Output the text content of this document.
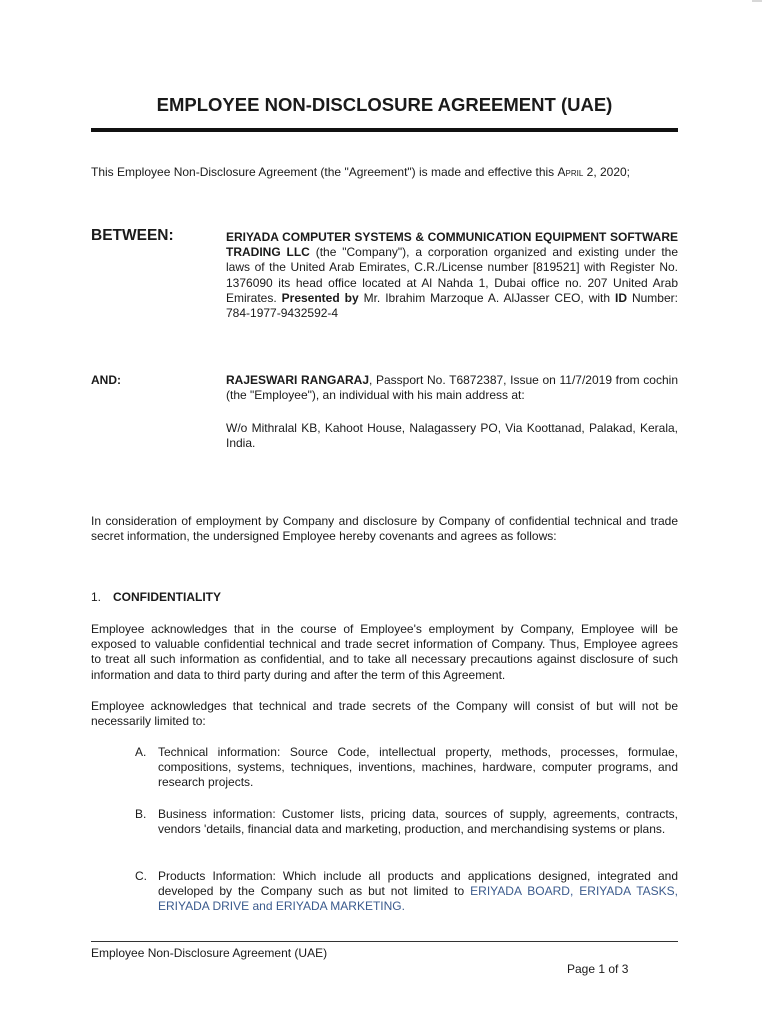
EMPLOYEE NON-DISCLOSURE AGREEMENT (UAE)

This Employee Non-Disclosure Agreement (the "Agreement") is made and effective this April 2, 2020;

BETWEEN:	ERIYADA COMPUTER SYSTEMS & COMMUNICATION EQUIPMENT SOFTWARE TRADING LLC (the "Company"), a corporation organized and existing under the laws of the United Arab Emirates, C.R./License number [819521] with Register No. 1376090 its head office located at Al Nahda 1, Dubai office no. 207 United Arab Emirates. Presented by Mr. Ibrahim Marzoque A. AlJasser CEO, with ID Number: 784-1977-9432592-4

AND:	RAJESWARI RANGARAJ, Passport No. T6872387, Issue on 11/7/2019 from cochin (the "Employee"), an individual with his main address at:

W/o Mithralal KB, Kahoot House, Nalagassery PO, Via Koottanad, Palakad, Kerala, India.

In consideration of employment by Company and disclosure by Company of confidential technical and trade secret information, the undersigned Employee hereby covenants and agrees as follows:

1. CONFIDENTIALITY

Employee acknowledges that in the course of Employee's employment by Company, Employee will be exposed to valuable confidential technical and trade secret information of Company. Thus, Employee agrees to treat all such information as confidential, and to take all necessary precautions against disclosure of such information and data to third party during and after the term of this Agreement.

Employee acknowledges that technical and trade secrets of the Company will consist of but will not be necessarily limited to:

A. Technical information: Source Code, intellectual property, methods, processes, formulae, compositions, systems, techniques, inventions, machines, hardware, computer programs, and research projects.

B. Business information: Customer lists, pricing data, sources of supply, agreements, contracts, vendors 'details, financial data and marketing, production, and merchandising systems or plans.

C. Products Information: Which include all products and applications designed, integrated and developed by the Company such as but not limited to ERIYADA BOARD, ERIYADA TASKS, ERIYADA DRIVE and ERIYADA MARKETING.

Employee Non-Disclosure Agreement (UAE)

Page 1 of 3
